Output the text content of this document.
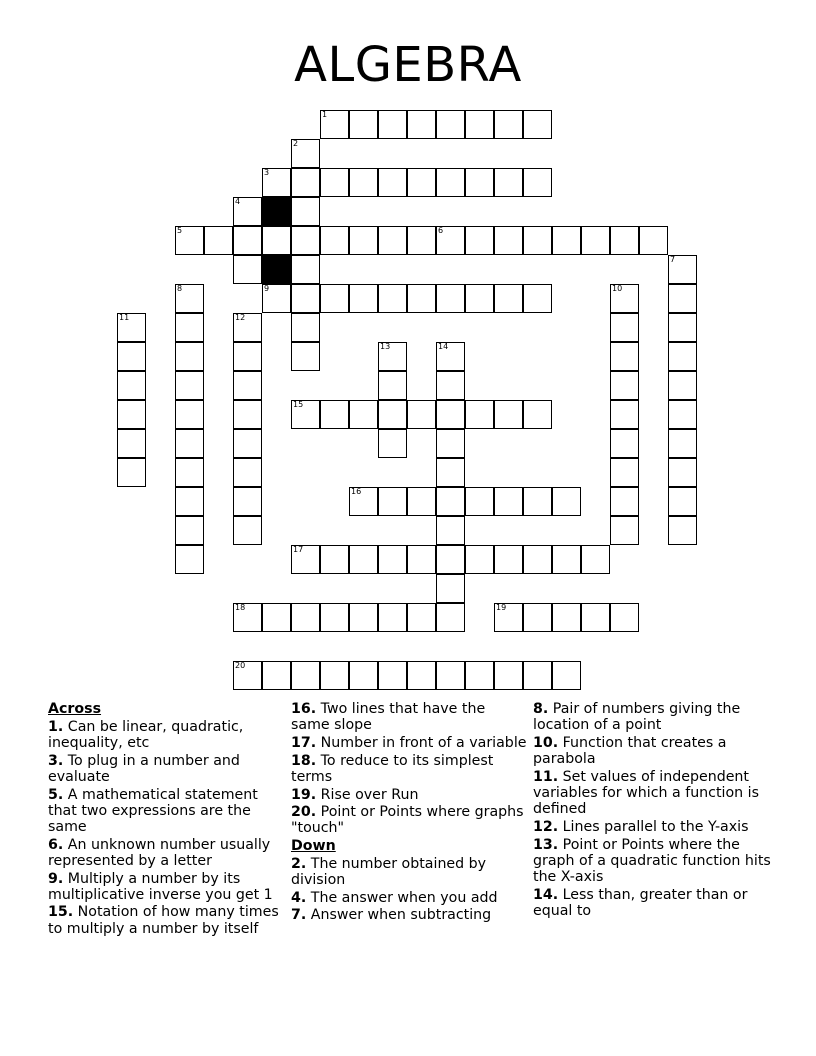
ALGEBRA
1
2
3
4
5	6
7
8	9	10
11	12
13	14
15
16
17
18	19
20
Across
1. Can be linear, quadratic, inequality, etc
3. To plug in a number and evaluate
5. A mathematical statement that two expressions are the same
6. An unknown number usually represented by a letter
9. Multiply a number by its multiplicative inverse you get 1
15. Notation of how many times to multiply a number by itself
16. Two lines that have the same slope
17. Number in front of a variable
18. To reduce to its simplest terms
19. Rise over Run
20. Point or Points where graphs "touch"
Down
2. The number obtained by division
4. The answer when you add
7. Answer when subtracting
8. Pair of numbers giving the location of a point
10. Function that creates a parabola
11. Set values of independent variables for which a function is defined
12. Lines parallel to the Y-axis
13. Point or Points where the graph of a quadratic function hits the X-axis
14. Less than, greater than or equal to
